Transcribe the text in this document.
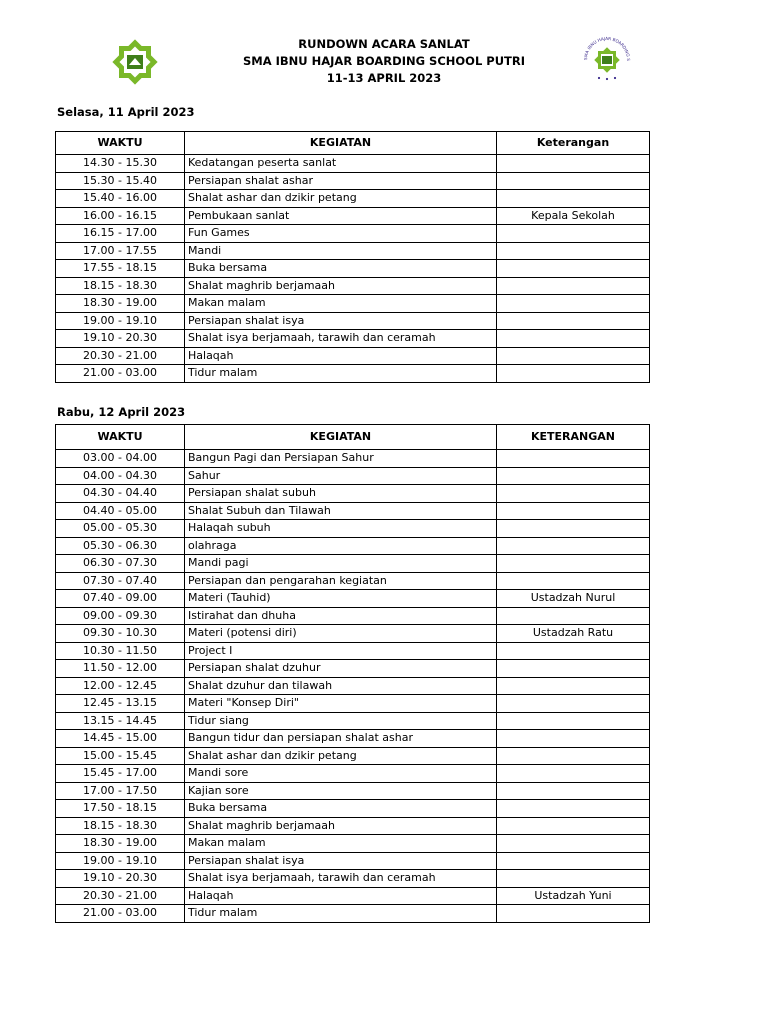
RUNDOWN ACARA SANLAT
SMA IBNU HAJAR BOARDING SCHOOL PUTRI
11-13 APRIL 2023
SMA IBNU HAJAR BOARDING S
Selasa, 11 April 2023
WAKTU	KEGIATAN	Keterangan
14.30 - 15.30	Kedatangan peserta sanlat	
15.30 - 15.40	Persiapan shalat ashar	
15.40 - 16.00	Shalat ashar dan dzikir petang	
16.00 - 16.15	Pembukaan sanlat	Kepala Sekolah
16.15 - 17.00	Fun Games	
17.00 - 17.55	Mandi	
17.55 - 18.15	Buka bersama	
18.15 - 18.30	Shalat maghrib berjamaah	
18.30 - 19.00	Makan malam	
19.00 - 19.10	Persiapan shalat isya	
19.10 - 20.30	Shalat isya berjamaah, tarawih dan ceramah	
20.30 - 21.00	Halaqah	
21.00 - 03.00	Tidur malam	
Rabu, 12 April 2023
WAKTU	KEGIATAN	KETERANGAN
03.00 - 04.00	Bangun Pagi dan Persiapan Sahur	
04.00 - 04.30	Sahur	
04.30 - 04.40	Persiapan shalat subuh	
04.40 - 05.00	Shalat Subuh dan Tilawah	
05.00 - 05.30	Halaqah subuh	
05.30 - 06.30	olahraga	
06.30 - 07.30	Mandi pagi	
07.30 - 07.40	Persiapan dan pengarahan kegiatan	
07.40 - 09.00	Materi (Tauhid)	Ustadzah Nurul
09.00 - 09.30	Istirahat dan dhuha	
09.30 - 10.30	Materi (potensi diri)	Ustadzah Ratu
10.30 - 11.50	Project I	
11.50 - 12.00	Persiapan shalat dzuhur	
12.00 - 12.45	Shalat dzuhur dan tilawah	
12.45 - 13.15	Materi "Konsep Diri"	
13.15 - 14.45	Tidur siang	
14.45 - 15.00	Bangun tidur dan persiapan shalat ashar	
15.00 - 15.45	Shalat ashar dan dzikir petang	
15.45 - 17.00	Mandi sore	
17.00 - 17.50	Kajian sore	
17.50 - 18.15	Buka bersama	
18.15 - 18.30	Shalat maghrib berjamaah	
18.30 - 19.00	Makan malam	
19.00 - 19.10	Persiapan shalat isya	
19.10 - 20.30	Shalat isya berjamaah, tarawih dan ceramah	
20.30 - 21.00	Halaqah	Ustadzah Yuni
21.00 - 03.00	Tidur malam	
